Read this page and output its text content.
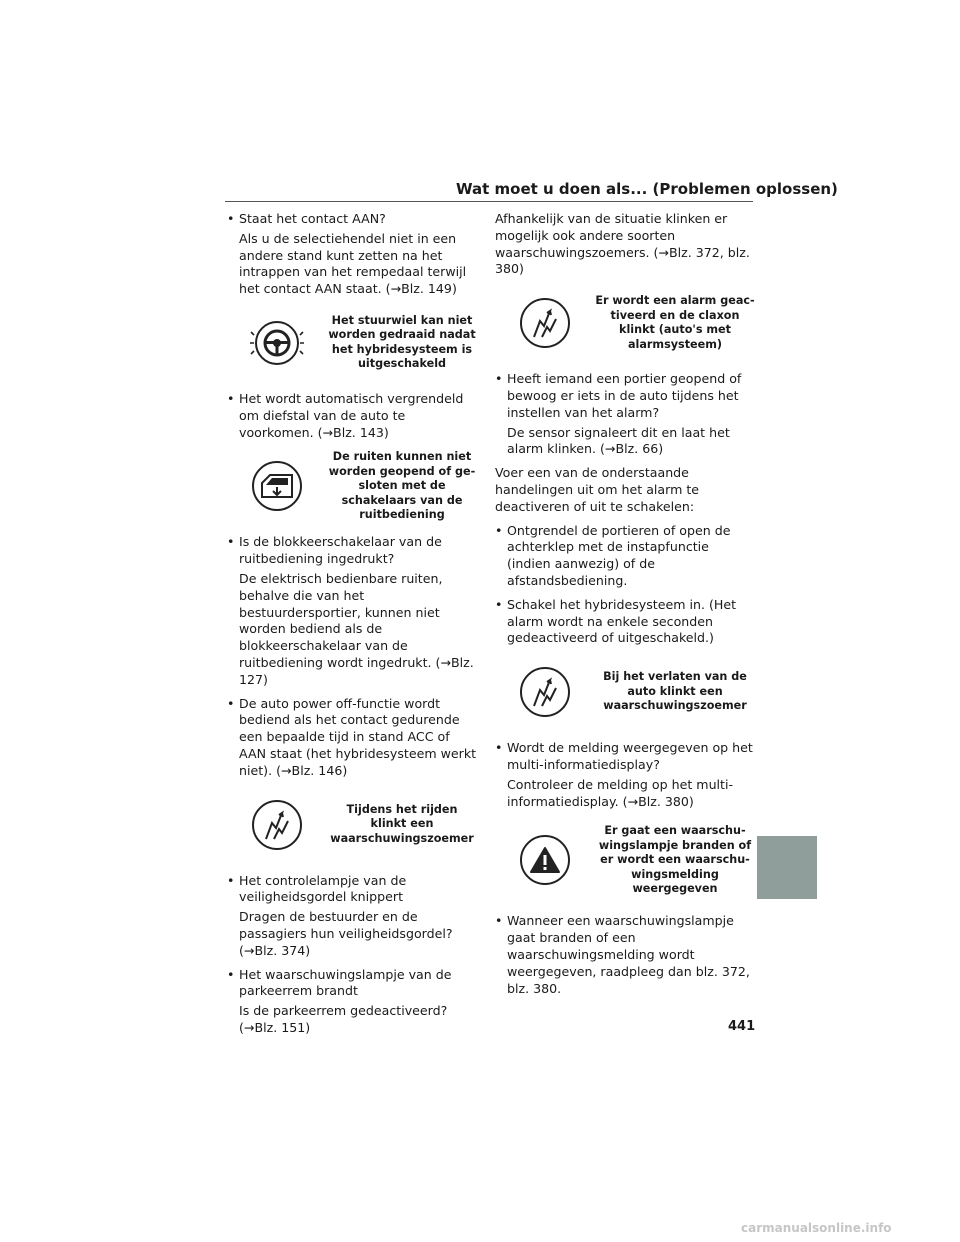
Wat moet u doen als... (Problemen oplossen)
• Staat het contact AAN?
Als u de selectiehendel niet in een andere stand kunt zetten na het intrappen van het rempedaal terwijl het contact AAN staat. (→Blz. 149)
Het stuurwiel kan niet worden gedraaid nadat het hybridesysteem is uitgeschakeld
• Het wordt automatisch vergrendeld om diefstal van de auto te voorkomen. (→Blz. 143)
De ruiten kunnen niet worden geopend of ge-sloten met de schakelaars van de ruitbediening
• Is de blokkeerschakelaar van de ruitbediening ingedrukt?
De elektrisch bedienbare ruiten, behalve die van het bestuurdersportier, kunnen niet worden bediend als de blokkeerschakelaar van de ruitbediening wordt ingedrukt. (→Blz. 127)
• De auto power off-functie wordt bediend als het contact gedurende een bepaalde tijd in stand ACC of AAN staat (het hybridesysteem werkt niet). (→Blz. 146)
Tijdens het rijden klinkt een waarschuwingszoemer
• Het controlelampje van de veiligheidsgordel knippert
Dragen de bestuurder en de passagiers hun veiligheidsgordel? (→Blz. 374)
• Het waarschuwingslampje van de parkeerrem brandt
Is de parkeerrem gedeactiveerd? (→Blz. 151)

Afhankelijk van de situatie klinken er mogelijk ook andere soorten waarschuwingszoemers. (→Blz. 372, blz. 380)

Er wordt een alarm geac-tiveerd en de claxon klinkt (auto's met alarmsysteem)
• Heeft iemand een portier geopend of bewoog er iets in de auto tijdens het instellen van het alarm?
De sensor signaleert dit en laat het alarm klinken. (→Blz. 66)

Voer een van de onderstaande handelingen uit om het alarm te deactiveren of uit te schakelen:

• Ontgrendel de portieren of open de achterklep met de instapfunctie (indien aanwezig) of de afstandsbediening.
• Schakel het hybridesysteem in. (Het alarm wordt na enkele seconden gedeactiveerd of uitgeschakeld.)
Bij het verlaten van de auto klinkt een waarschuwingszoemer
• Wordt de melding weergegeven op het multi-informatiedisplay?
Controleer de melding op het multi-informatiedisplay. (→Blz. 380)
Er gaat een waarschu-wingslampje branden of er wordt een waarschu-wingsmelding weergegeven
• Wanneer een waarschuwingslampje gaat branden of een waarschuwingsmelding wordt weergegeven, raadpleeg dan blz. 372, blz. 380.
441
carmanualsonline.info
